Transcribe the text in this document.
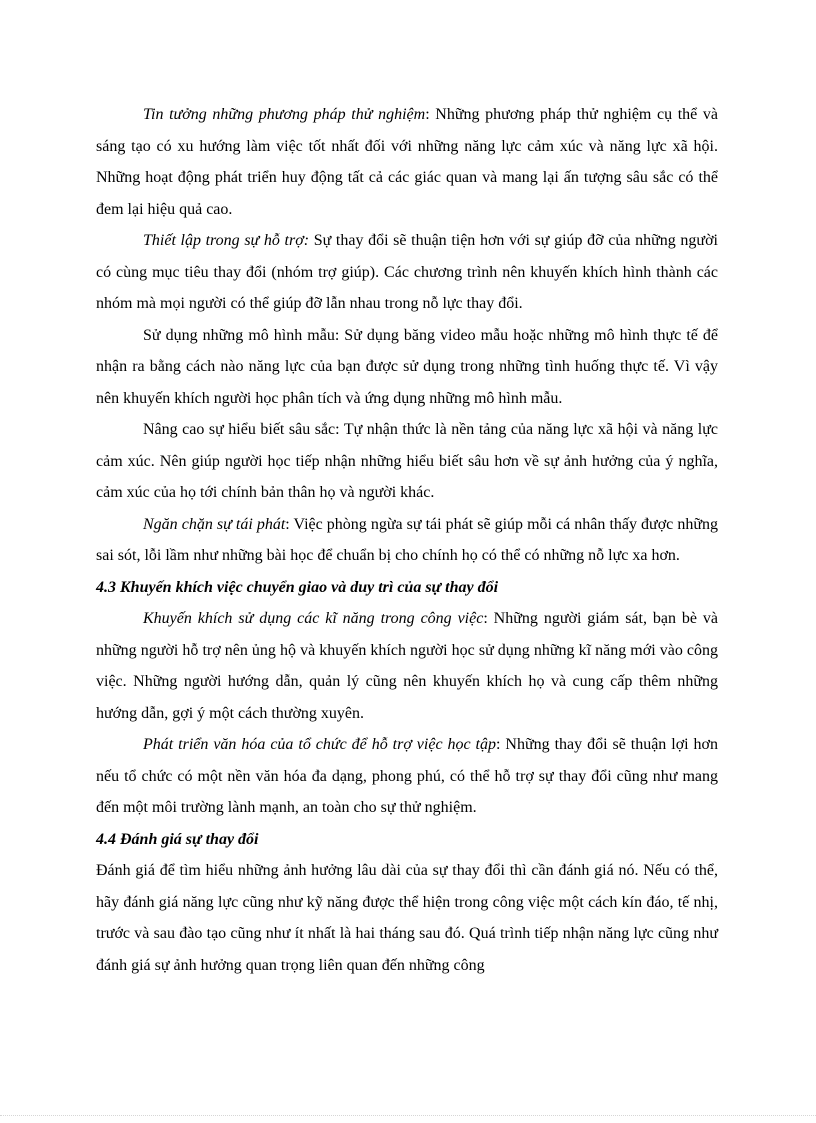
Tin tưởng những phương pháp thử nghiệm: Những phương pháp thử nghiệm cụ thể và sáng tạo có xu hướng làm việc tốt nhất đối với những năng lực cảm xúc và năng lực xã hội. Những hoạt động phát triển huy động tất cả các giác quan và mang lại ấn tượng sâu sắc có thể đem lại hiệu quả cao.

Thiết lập trong sự hỗ trợ: Sự thay đổi sẽ thuận tiện hơn với sự giúp đỡ của những người có cùng mục tiêu thay đổi (nhóm trợ giúp). Các chương trình nên khuyến khích hình thành các nhóm mà mọi người có thể giúp đỡ lẫn nhau trong nỗ lực thay đổi.

Sử dụng những mô hình mẫu: Sử dụng băng video mẫu hoặc những mô hình thực tế để nhận ra bằng cách nào năng lực của bạn được sử dụng trong những tình huống thực tế. Vì vậy nên khuyến khích người học phân tích và ứng dụng những mô hình mẫu.

Nâng cao sự hiểu biết sâu sắc: Tự nhận thức là nền tảng của năng lực xã hội và năng lực cảm xúc. Nên giúp người học tiếp nhận những hiểu biết sâu hơn về sự ảnh hưởng của ý nghĩa, cảm xúc của họ tới chính bản thân họ và người khác.

Ngăn chặn sự tái phát: Việc phòng ngừa sự tái phát sẽ giúp mỗi cá nhân thấy được những sai sót, lỗi lầm như những bài học để chuẩn bị cho chính họ có thể có những nỗ lực xa hơn.

4.3 Khuyến khích việc chuyển giao và duy trì của sự thay đổi

Khuyến khích sử dụng các kĩ năng trong công việc: Những người giám sát, bạn bè và những người hỗ trợ nên ủng hộ và khuyến khích người học sử dụng những kĩ năng mới vào công việc. Những người hướng dẫn, quản lý cũng nên khuyến khích họ và cung cấp thêm những hướng dẫn, gợi ý một cách thường xuyên.

Phát triển văn hóa của tổ chức để hỗ trợ việc học tập: Những thay đổi sẽ thuận lợi hơn nếu tổ chức có một nền văn hóa đa dạng, phong phú, có thể hỗ trợ sự thay đổi cũng như mang đến một môi trường lành mạnh, an toàn cho sự thử nghiệm.

4.4 Đánh giá sự thay đổi

Đánh giá để tìm hiểu những ảnh hưởng lâu dài của sự thay đổi thì cần đánh giá nó. Nếu có thể, hãy đánh giá năng lực cũng như kỹ năng được thể hiện trong công việc một cách kín đáo, tế nhị, trước và sau đào tạo cũng như ít nhất là hai tháng sau đó. Quá trình tiếp nhận năng lực cũng như đánh giá sự ảnh hưởng quan trọng liên quan đến những công
